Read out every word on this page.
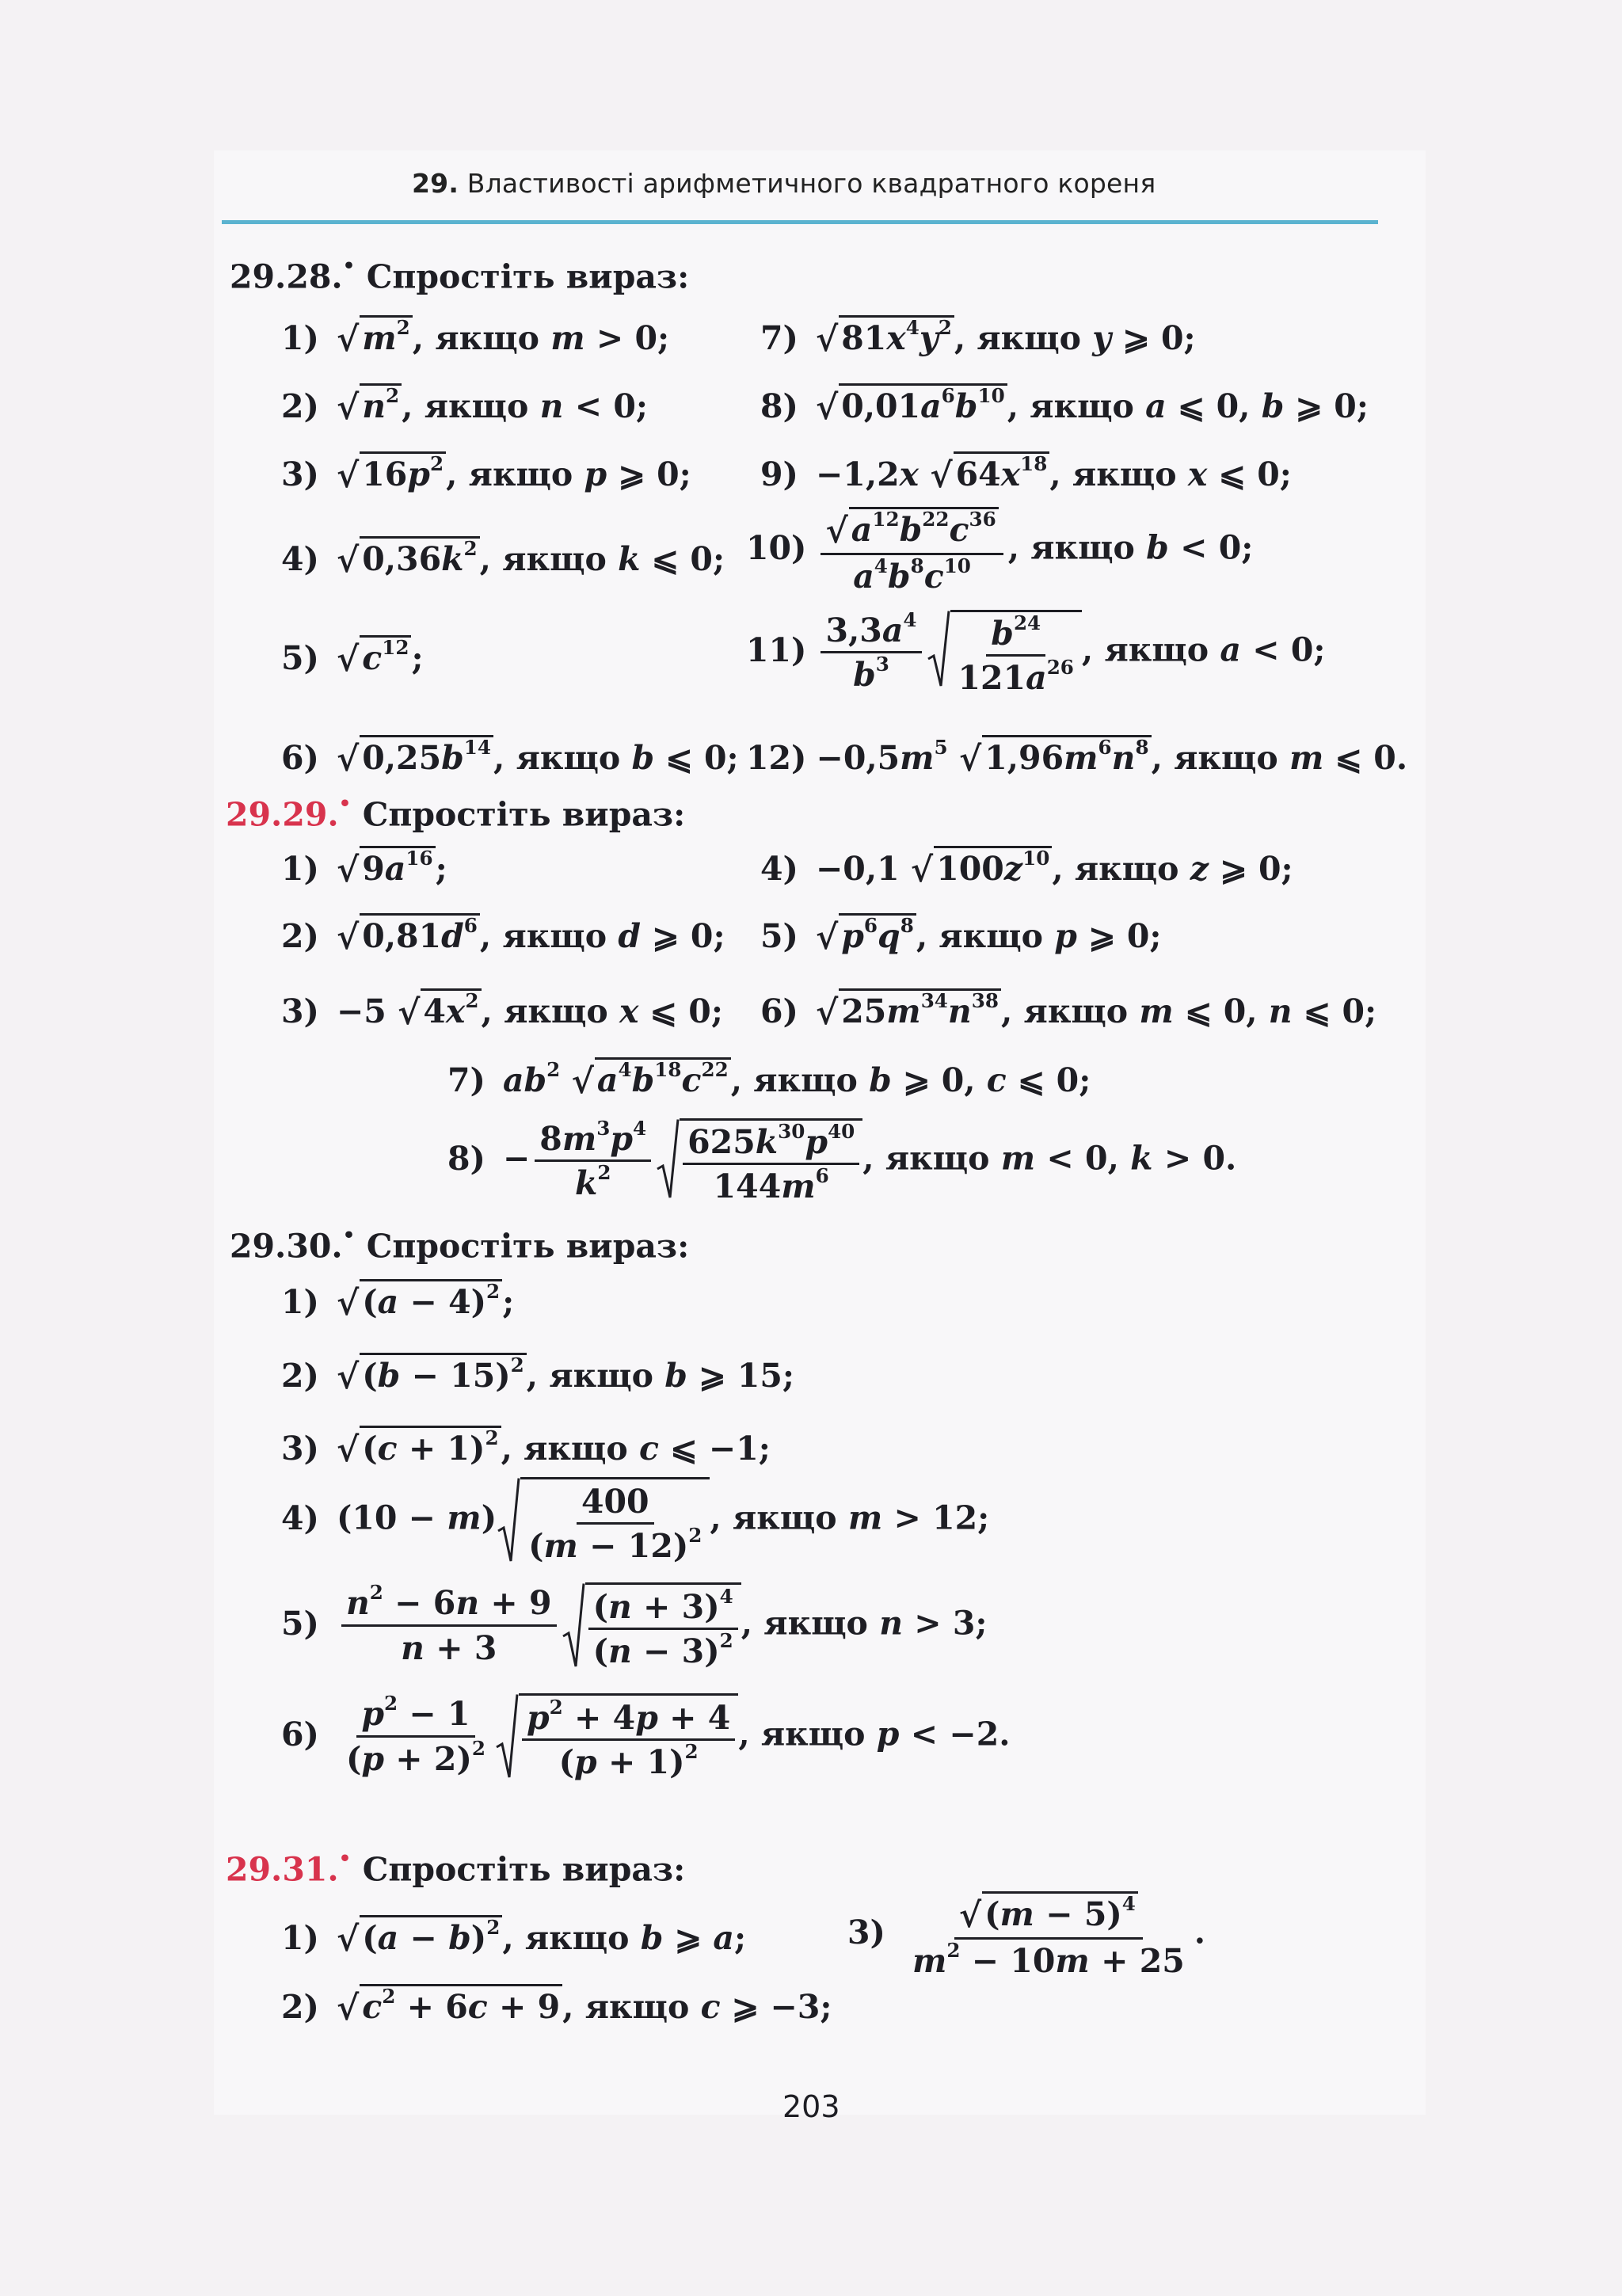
29. Властивості арифметичного квадратного кореня
29.28.• Спростіть вираз:
1) $√m^2$, якщо m > 0;
2) $√n^2$, якщо n < 0;
3) $√16p^2$, якщо p ⩾ 0;
4) $√0,36k^2$, якщо k ⩽ 0;
5) $√c^{12}$;
6) $√0,25b^{14}$, якщо b ⩽ 0;
7) $√81x^4y^2$, якщо y ⩾ 0;
8) $√0,01a^6b^{10}$, якщо a ⩽ 0, b ⩾ 0;
9) −1,2x $√64x^{18}$, якщо x ⩽ 0;
$10) \frac{√a^{12}b^{22}c^{36}}{a^4b^8c^{10}}$ , якщо b < 0;
$11) \frac{3,3a^4}{b^3} \frac{b^{24}}{121a^{26}}$ , якщо a < 0;
$12) -0,5m^5$ $√1,96m^6n^8$, якщо m ⩽ 0.
29.29.• Спростіть вираз:
1) $√9a^{16}$;
2) $√0,81d^6$, якщо d ⩾ 0;
3) −5 $√4x^2$, якщо x ⩽ 0;
4) −0,1 $√100z^{10}$, якщо z ⩾ 0;
5) $√p^6q^8$, якщо p ⩾ 0;
6) $√25m^{34}n^{38}$, якщо m ⩽ 0, n ⩽ 0;
7) $ab^2$ $√a^4b^{18}c^{22}$, якщо b ⩾ 0, c ⩽ 0;
$8) - \frac{8m^3p^4}{k^2} \frac{625k^{30}p^{40}}{144m^6}$ , якщо m < 0, k > 0.
29.30.• Спростіть вираз:
1) $√(a - 4)^2$;
2) $√(b - 15)^2$, якщо b ⩾ 15;
3) $√(c + 1)^2$, якщо c ⩽ −1;
4) $(10 - m) \frac{400}{(m - 12)^2}$ , якщо m > 12;
$5) \frac{n^2 - 6n + 9}{n + 3} \frac{(n + 3)^4}{(n - 3)^2}$ , якщо n > 3;
$6) \frac{p^2 - 1}{(p + 2)^2} \frac{p^2 + 4p + 4}{(p + 1)^2}$ , якщо p < −2.
29.31.• Спростіть вираз:
1) $√(a - b)^2$, якщо b ⩾ a;
2) $√c^2 + 6c + 9$, якщо c ⩾ −3;
$3) \frac{√(m - 5)^4}{m^2 - 10m + 25}$ .
203
